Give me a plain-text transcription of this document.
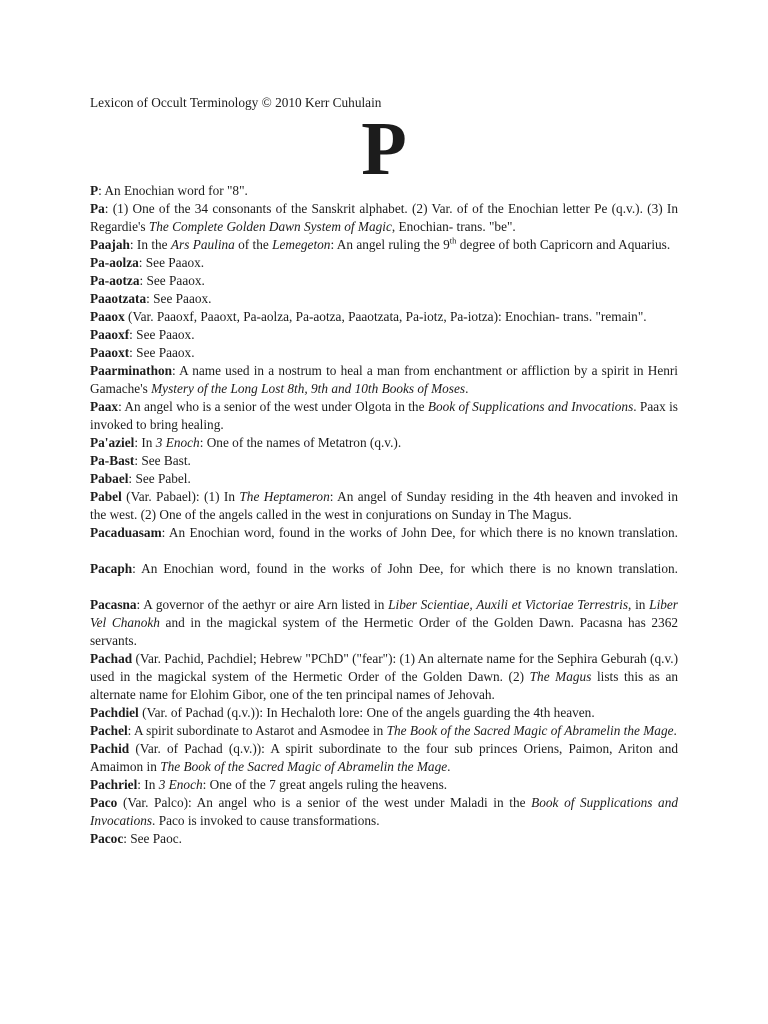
Lexicon of Occult Terminology © 2010 Kerr Cuhulain
P

P: An Enochian word for "8".

Pa: (1) One of the 34 consonants of the Sanskrit alphabet. (2) Var. of of the Enochian letter Pe (q.v.). (3) In Regardie's The Complete Golden Dawn System of Magic, Enochian- trans. "be".

Paajah: In the Ars Paulina of the Lemegeton: An angel ruling the 9th degree of both Capricorn and Aquarius.

Pa-aolza: See Paaox.

Pa-aotza: See Paaox.

Paaotzata: See Paaox.

Paaox (Var. Paaoxf, Paaoxt, Pa-aolza, Pa-aotza, Paaotzata, Pa-iotz, Pa-iotza): Enochian- trans. "remain".

Paaoxf: See Paaox.

Paaoxt: See Paaox.

Paarminathon: A name used in a nostrum to heal a man from enchantment or affliction by a spirit in Henri Gamache's Mystery of the Long Lost 8th, 9th and 10th Books of Moses.

Paax: An angel who is a senior of the west under Olgota in the Book of Supplications and Invocations. Paax is invoked to bring healing.

Pa'aziel: In 3 Enoch: One of the names of Metatron (q.v.).

Pa-Bast: See Bast.

Pabael: See Pabel.

Pabel (Var. Pabael): (1) In The Heptameron: An angel of Sunday residing in the 4th heaven and invoked in the west. (2) One of the angels called in the west in conjurations on Sunday in The Magus.

Pacaduasam: An Enochian word, found in the works of John Dee, for which there is no known translation.

Pacaph: An Enochian word, found in the works of John Dee, for which there is no known translation.

Pacasna: A governor of the aethyr or aire Arn listed in Liber Scientiae, Auxili et Victoriae Terrestris, in Liber Vel Chanokh and in the magickal system of the Hermetic Order of the Golden Dawn. Pacasna has 2362 servants.

Pachad (Var. Pachid, Pachdiel; Hebrew "PChD" ("fear"): (1) An alternate name for the Sephira Geburah (q.v.) used in the magickal system of the Hermetic Order of the Golden Dawn. (2) The Magus lists this as an alternate name for Elohim Gibor, one of the ten principal names of Jehovah.

Pachdiel (Var. of Pachad (q.v.)): In Hechaloth lore: One of the angels guarding the 4th heaven.

Pachel: A spirit subordinate to Astarot and Asmodee in The Book of the Sacred Magic of Abramelin the Mage.

Pachid (Var. of Pachad (q.v.)): A spirit subordinate to the four sub princes Oriens, Paimon, Ariton and Amaimon in The Book of the Sacred Magic of Abramelin the Mage.

Pachriel: In 3 Enoch: One of the 7 great angels ruling the heavens.

Paco (Var. Palco): An angel who is a senior of the west under Maladi in the Book of Supplications and Invocations. Paco is invoked to cause transformations.

Pacoc: See Paoc.
